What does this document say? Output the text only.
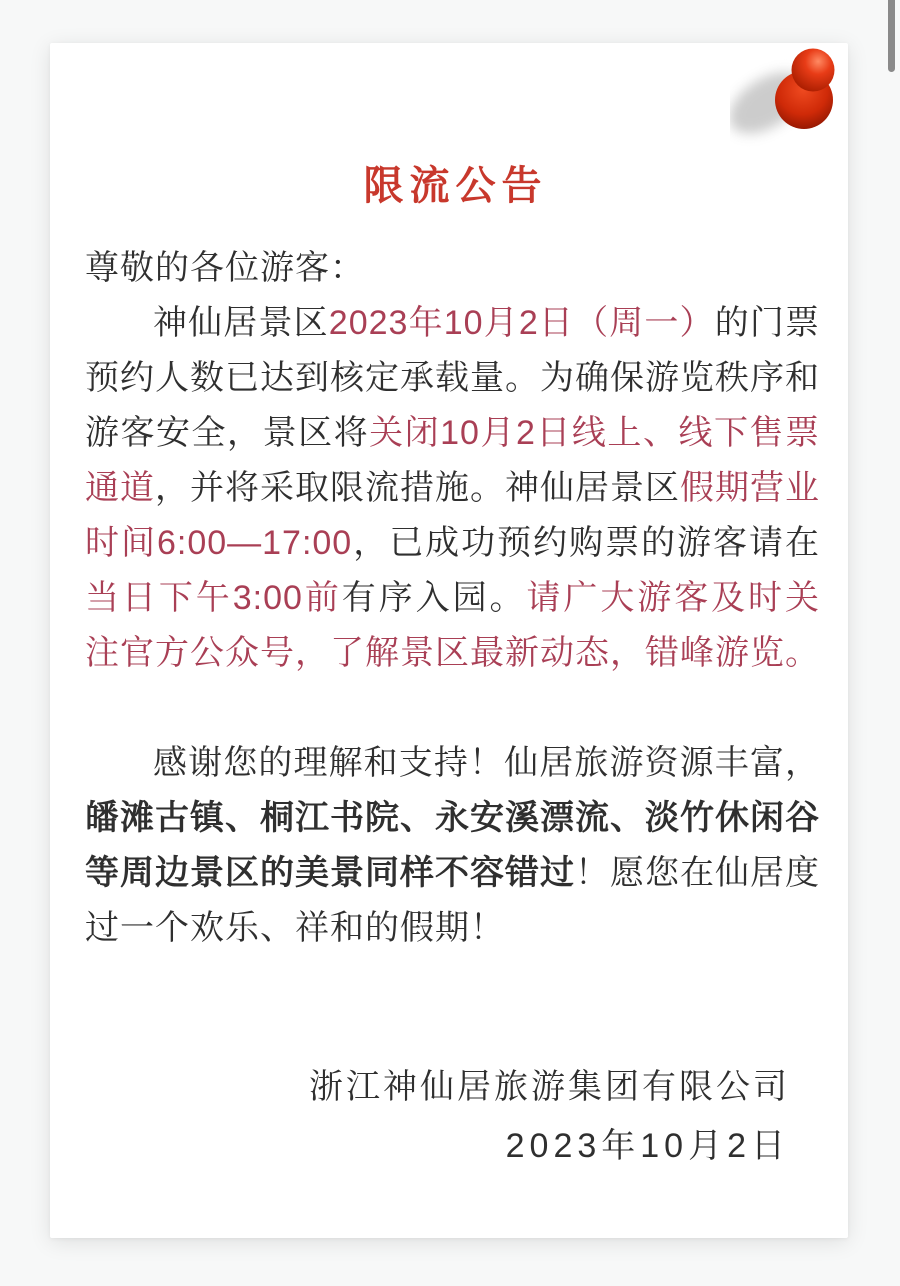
限流公告

尊敬的各位游客：

神仙居景区2023年10月2日（周一）的门票预约人数已达到核定承载量。为确保游览秩序和游客安全，景区将关闭10月2日线上、线下售票通道，并将采取限流措施。神仙居景区假期营业时间6:00—17:00，已成功预约购票的游客请在当日下午3:00前有序入园。请广大游客及时关注官方公众号，了解景区最新动态，错峰游览。

感谢您的理解和支持！仙居旅游资源丰富，皤滩古镇、桐江书院、永安溪漂流、淡竹休闲谷等周边景区的美景同样不容错过！愿您在仙居度过一个欢乐、祥和的假期！

浙江神仙居旅游集团有限公司

2023年10月2日
